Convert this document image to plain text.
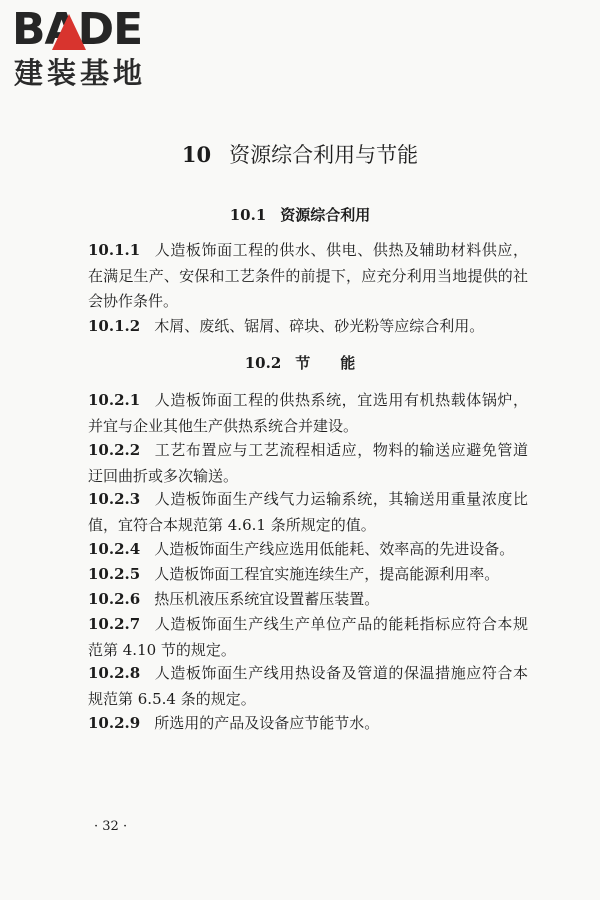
BADE
建装基地
10 资源综合利用与节能
10.1 资源综合利用
10.1.1 人造板饰面工程的供水、供电、供热及辅助材料供应，在满足生产、安保和工艺条件的前提下，应充分利用当地提供的社会协作条件。
10.1.2 木屑、废纸、锯屑、碎块、砂光粉等应综合利用。
10.2 节　　能
10.2.1 人造板饰面工程的供热系统，宜选用有机热载体锅炉，并宜与企业其他生产供热系统合并建设。
10.2.2 工艺布置应与工艺流程相适应，物料的输送应避免管道迂回曲折或多次输送。
10.2.3 人造板饰面生产线气力运输系统，其输送用重量浓度比值，宜符合本规范第 4.6.1 条所规定的值。
10.2.4 人造板饰面生产线应选用低能耗、效率高的先进设备。
10.2.5 人造板饰面工程宜实施连续生产，提高能源利用率。
10.2.6 热压机液压系统宜设置蓄压装置。
10.2.7 人造板饰面生产线生产单位产品的能耗指标应符合本规范第 4.10 节的规定。
10.2.8 人造板饰面生产线用热设备及管道的保温措施应符合本规范第 6.5.4 条的规定。
10.2.9 所选用的产品及设备应节能节水。
· 32 ·
